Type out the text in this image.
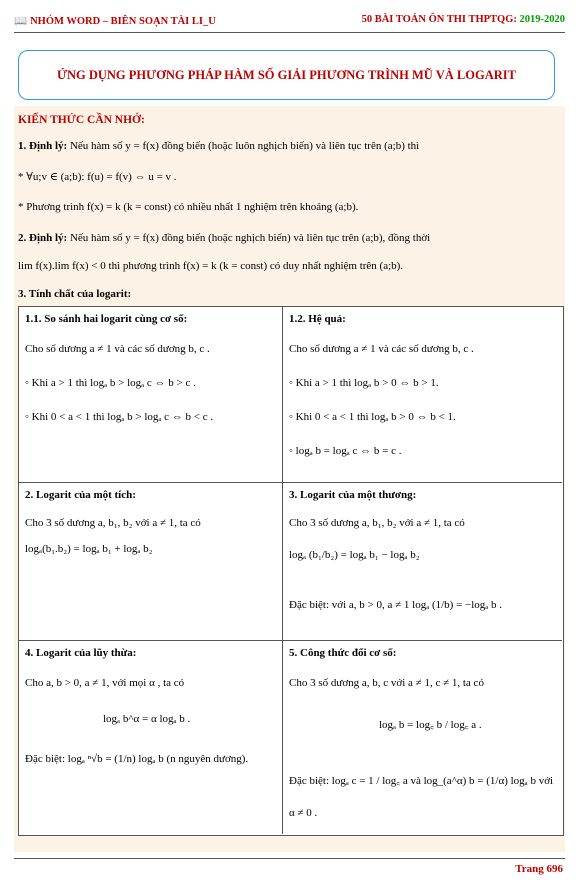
📖 NHÓM WORD – BIÊN SOẠN TÀI LI_U	50 BÀI TOÁN ÔN THI THPTQG: 2019-2020
ỨNG DỤNG PHƯƠNG PHÁP HÀM SỐ GIẢI PHƯƠNG TRÌNH MŨ VÀ LOGARIT
KIẾN THỨC CẦN NHỚ:
1. Định lý: Nếu hàm số y = f(x) đồng biến (hoặc luôn nghịch biến) và liên tục trên (a;b) thì
* ∀u;v ∈ (a;b): f(u) = f(v) ⇔ u = v .
* Phương trình f(x) = k (k = const) có nhiều nhất 1 nghiệm trên khoảng (a;b).
2. Định lý: Nếu hàm số y = f(x) đồng biến (hoặc nghịch biến) và liên tục trên (a;b), đồng thời
lim f(x).lim f(x) < 0 thì phương trình f(x) = k (k = const) có duy nhất nghiệm trên (a;b).
3. Tính chất của logarit:
1.1. So sánh hai logarit cùng cơ số:
Cho số dương a ≠ 1 và các số dương b, c .
◦ Khi a > 1 thì logₐ b > logₐ c ⇔ b > c .
◦ Khi 0 < a < 1 thì logₐ b > logₐ c ⇔ b < c .
1.2. Hệ quả:
Cho số dương a ≠ 1 và các số dương b, c .
◦ Khi a > 1 thì logₐ b > 0 ⇔ b > 1.
◦ Khi 0 < a < 1 thì logₐ b > 0 ⇔ b < 1.
◦ logₐ b = logₐ c ⇔ b = c .
2. Logarit của một tích:
Cho 3 số dương a, b₁, b₂ với a ≠ 1, ta có
logₐ(b₁.b₂) = logₐ b₁ + logₐ b₂
3. Logarit của một thương:
Cho 3 số dương a, b₁, b₂ với a ≠ 1, ta có
logₐ (b₁/b₂) = logₐ b₁ − logₐ b₂
Đặc biệt: với a, b > 0, a ≠ 1 logₐ (1/b) = −logₐ b .
4. Logarit của lũy thừa:
Cho a, b > 0, a ≠ 1, với mọi α , ta có
logₐ b^α = α logₐ b .
Đặc biệt: logₐ ⁿ√b = (1/n) logₐ b (n nguyên dương).
5. Công thức đổi cơ số:
Cho 3 số dương a, b, c với a ≠ 1, c ≠ 1, ta có
logₐ b = log꜀ b / log꜀ a .
Đặc biệt: logₐ c = 1 / log꜀ a và log_(a^α) b = (1/α) logₐ b với
α ≠ 0 .
Trang 696
